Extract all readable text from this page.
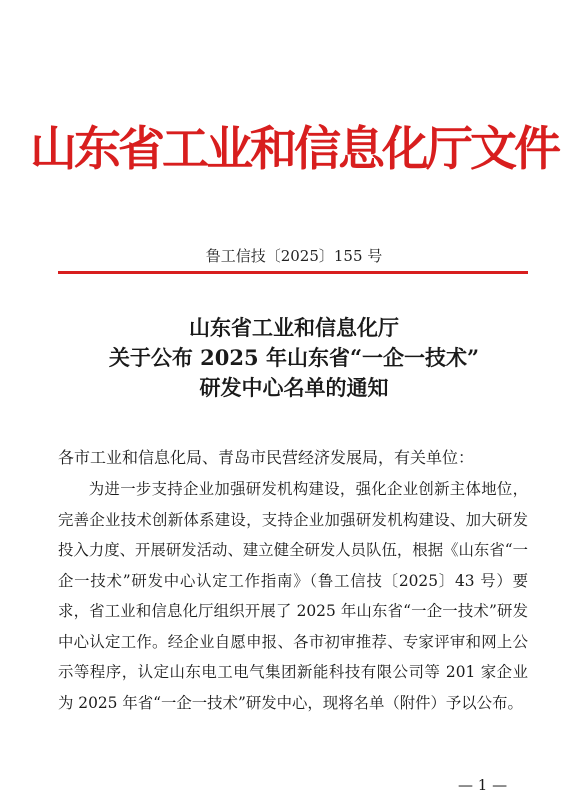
山东省工业和信息化厅文件
鲁工信技〔2025〕155 号
山东省工业和信息化厅
关于公布 2025 年山东省“一企一技术”
研发中心名单的通知
各市工业和信息化局、青岛市民营经济发展局，有关单位：
为进一步支持企业加强研发机构建设，强化企业创新主体地位，完善企业技术创新体系建设，支持企业加强研发机构建设、加大研发投入力度、开展研发活动、建立健全研发人员队伍，根据《山东省“一企一技术”研发中心认定工作指南》（鲁工信技〔2025〕43 号）要求，省工业和信息化厅组织开展了 2025 年山东省“一企一技术”研发中心认定工作。经企业自愿申报、各市初审推荐、专家评审和网上公示等程序，认定山东电工电气集团新能科技有限公司等 201 家企业为 2025 年省“一企一技术”研发中心，现将名单（附件）予以公布。
— 1 —
